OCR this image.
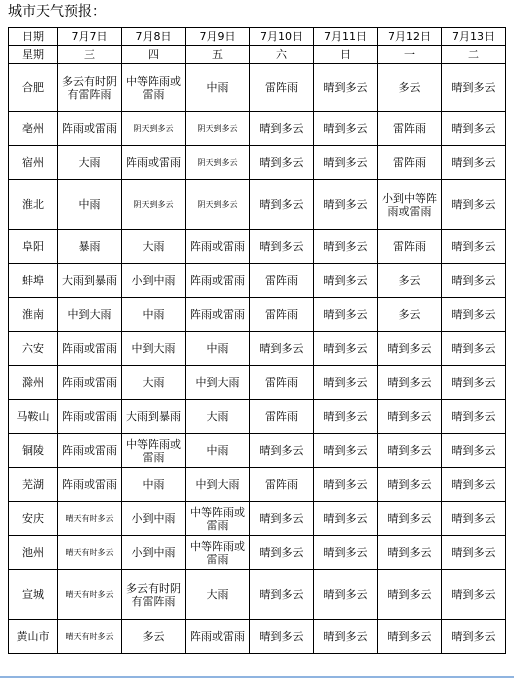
城市天气预报：
日期	7月7日	7月8日	7月9日	7月10日	7月11日	7月12日	7月13日
星期	三	四	五	六	日	一	二
合肥	多云有时阴有雷阵雨	中等阵雨或雷雨	中雨	雷阵雨	晴到多云	多云	晴到多云
亳州	阵雨或雷雨	阴天到多云	阴天到多云	晴到多云	晴到多云	雷阵雨	晴到多云
宿州	大雨	阵雨或雷雨	阴天到多云	晴到多云	晴到多云	雷阵雨	晴到多云
淮北	中雨	阴天到多云	阴天到多云	晴到多云	晴到多云	小到中等阵雨或雷雨	晴到多云
阜阳	暴雨	大雨	阵雨或雷雨	晴到多云	晴到多云	雷阵雨	晴到多云
蚌埠	大雨到暴雨	小到中雨	阵雨或雷雨	雷阵雨	晴到多云	多云	晴到多云
淮南	中到大雨	中雨	阵雨或雷雨	雷阵雨	晴到多云	多云	晴到多云
六安	阵雨或雷雨	中到大雨	中雨	晴到多云	晴到多云	晴到多云	晴到多云
滁州	阵雨或雷雨	大雨	中到大雨	雷阵雨	晴到多云	晴到多云	晴到多云
马鞍山	阵雨或雷雨	大雨到暴雨	大雨	雷阵雨	晴到多云	晴到多云	晴到多云
铜陵	阵雨或雷雨	中等阵雨或雷雨	中雨	晴到多云	晴到多云	晴到多云	晴到多云
芜湖	阵雨或雷雨	中雨	中到大雨	雷阵雨	晴到多云	晴到多云	晴到多云
安庆	晴天有时多云	小到中雨	中等阵雨或雷雨	晴到多云	晴到多云	晴到多云	晴到多云
池州	晴天有时多云	小到中雨	中等阵雨或雷雨	晴到多云	晴到多云	晴到多云	晴到多云
宣城	晴天有时多云	多云有时阴有雷阵雨	大雨	晴到多云	晴到多云	晴到多云	晴到多云
黄山市	晴天有时多云	多云	阵雨或雷雨	晴到多云	晴到多云	晴到多云	晴到多云
